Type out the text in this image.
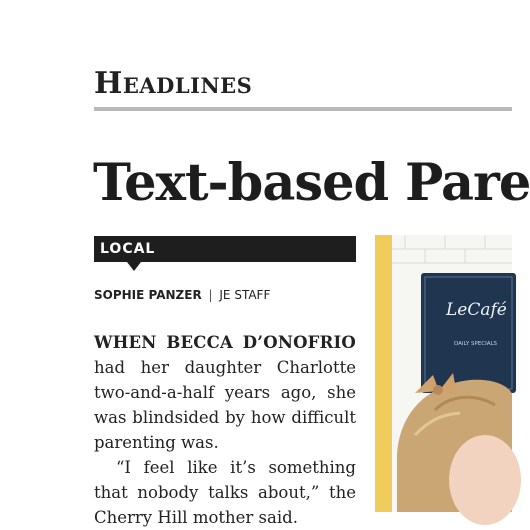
Headlines
Text-based Pare
LOCAL
SOPHIE PANZER | JE STAFF

WHEN BECCA D’ONOFRIO
had her daughter Charlotte
two-and-a-half years ago, she
was blindsided by how difficult
parenting was.

“I feel like it’s something
that nobody talks about,” the
Cherry Hill mother said.

LeCafé
DAILY SPECIALS
